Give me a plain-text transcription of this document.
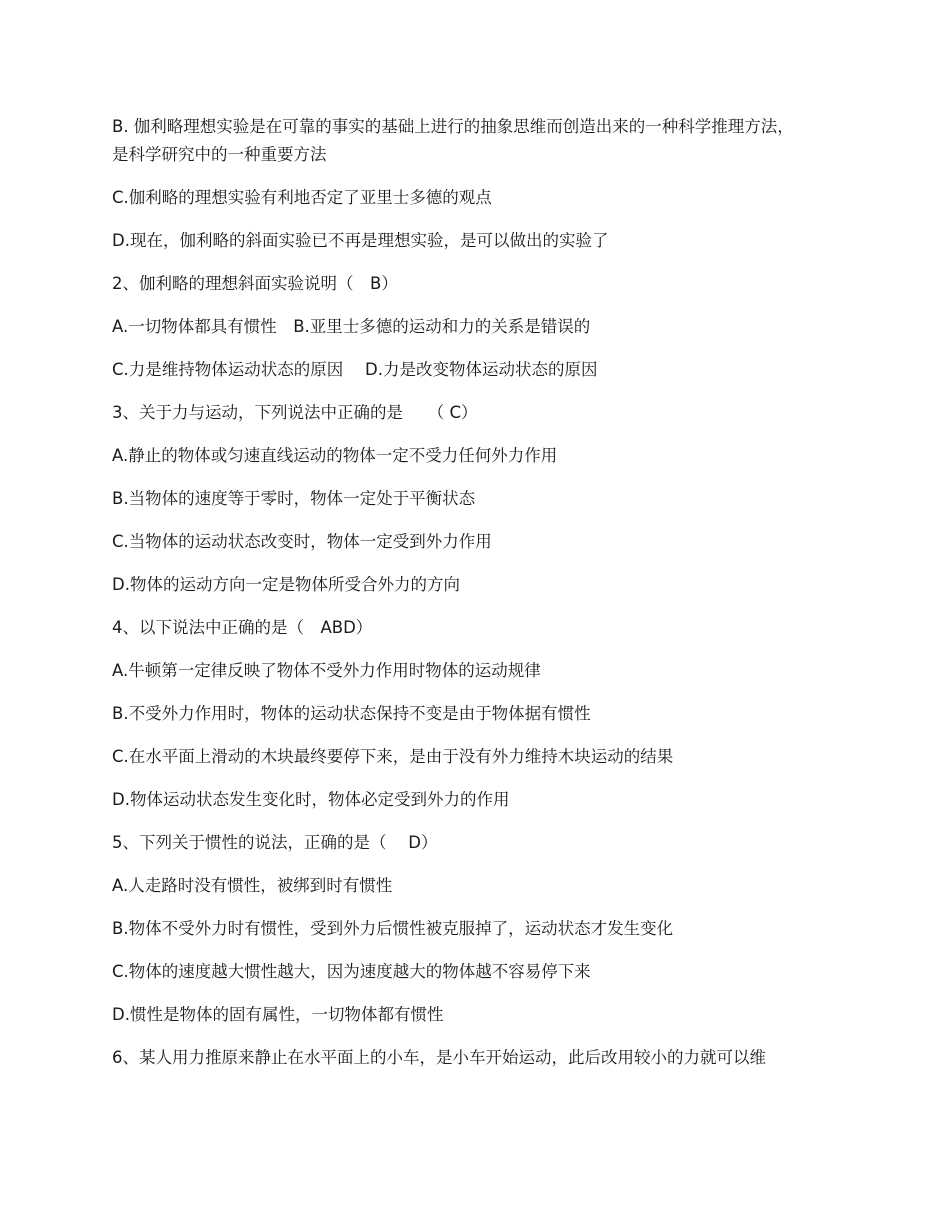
B. 伽利略理想实验是在可靠的事实的基础上进行的抽象思维而创造出来的一种科学推理方法，是科学研究中的一种重要方法

C.伽利略的理想实验有利地否定了亚里士多德的观点

D.现在，伽利略的斜面实验已不再是理想实验，是可以做出的实验了

2、伽利略的理想斜面实验说明（　B）

A.一切物体都具有惯性　B.亚里士多德的运动和力的关系是错误的

C.力是维持物体运动状态的原因　 D.力是改变物体运动状态的原因

3、关于力与运动，下列说法中正确的是　　（ C）

A.静止的物体或匀速直线运动的物体一定不受力任何外力作用

B.当物体的速度等于零时，物体一定处于平衡状态

C.当物体的运动状态改变时，物体一定受到外力作用

D.物体的运动方向一定是物体所受合外力的方向

4、以下说法中正确的是（　ABD）

A.牛顿第一定律反映了物体不受外力作用时物体的运动规律

B.不受外力作用时，物体的运动状态保持不变是由于物体据有惯性

C.在水平面上滑动的木块最终要停下来，是由于没有外力维持木块运动的结果

D.物体运动状态发生变化时，物体必定受到外力的作用

5、下列关于惯性的说法，正确的是（　 D）

A.人走路时没有惯性，被绑到时有惯性

B.物体不受外力时有惯性，受到外力后惯性被克服掉了，运动状态才发生变化

C.物体的速度越大惯性越大，因为速度越大的物体越不容易停下来

D.惯性是物体的固有属性，一切物体都有惯性

6、某人用力推原来静止在水平面上的小车，是小车开始运动，此后改用较小的力就可以维
